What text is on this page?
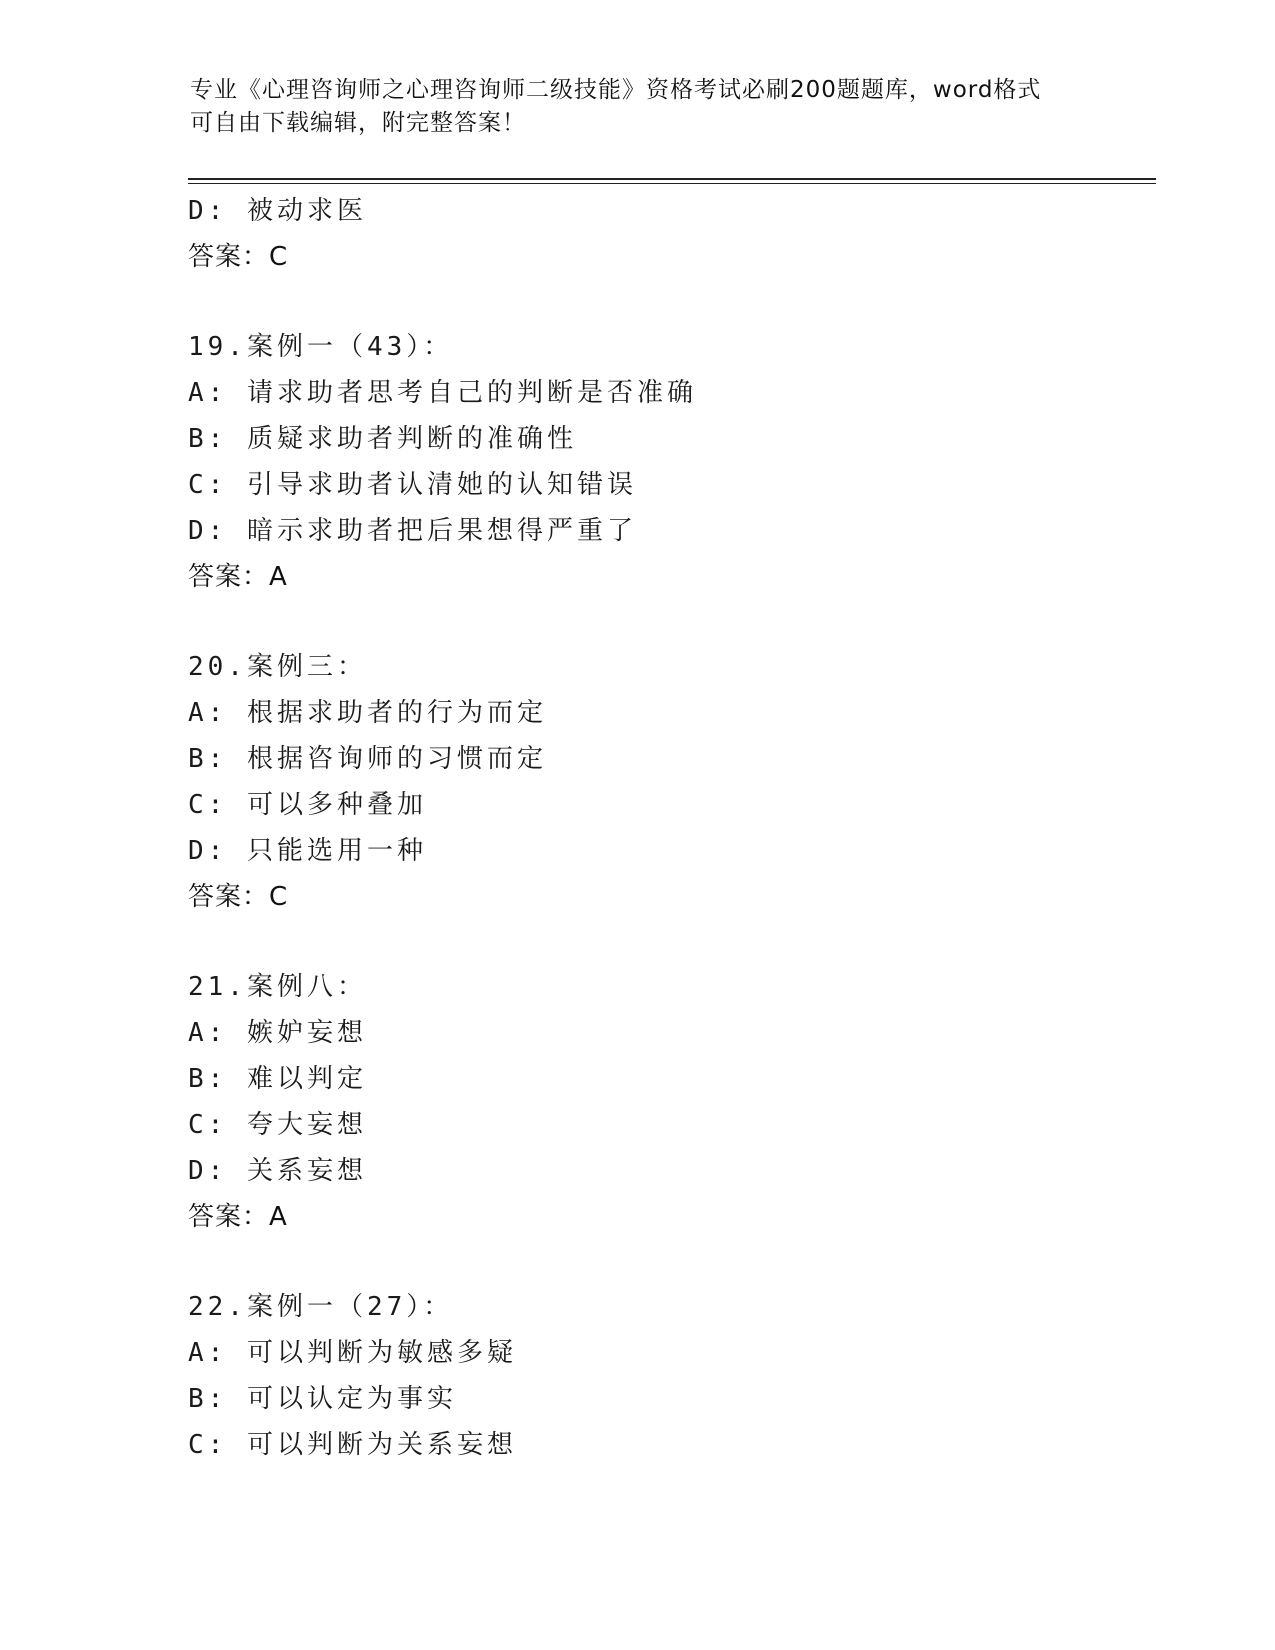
专业《心理咨询师之心理咨询师二级技能》资格考试必刷200题题库，word格式
可自由下载编辑，附完整答案！
D: 被动求医
答案：C
19.案例一（43）：
A: 请求助者思考自己的判断是否准确
B: 质疑求助者判断的准确性
C: 引导求助者认清她的认知错误
D: 暗示求助者把后果想得严重了
答案：A
20.案例三：
A: 根据求助者的行为而定
B: 根据咨询师的习惯而定
C: 可以多种叠加
D: 只能选用一种
答案：C
21.案例八：
A: 嫉妒妄想
B: 难以判定
C: 夸大妄想
D: 关系妄想
答案：A
22.案例一（27）：
A: 可以判断为敏感多疑
B: 可以认定为事实
C: 可以判断为关系妄想
